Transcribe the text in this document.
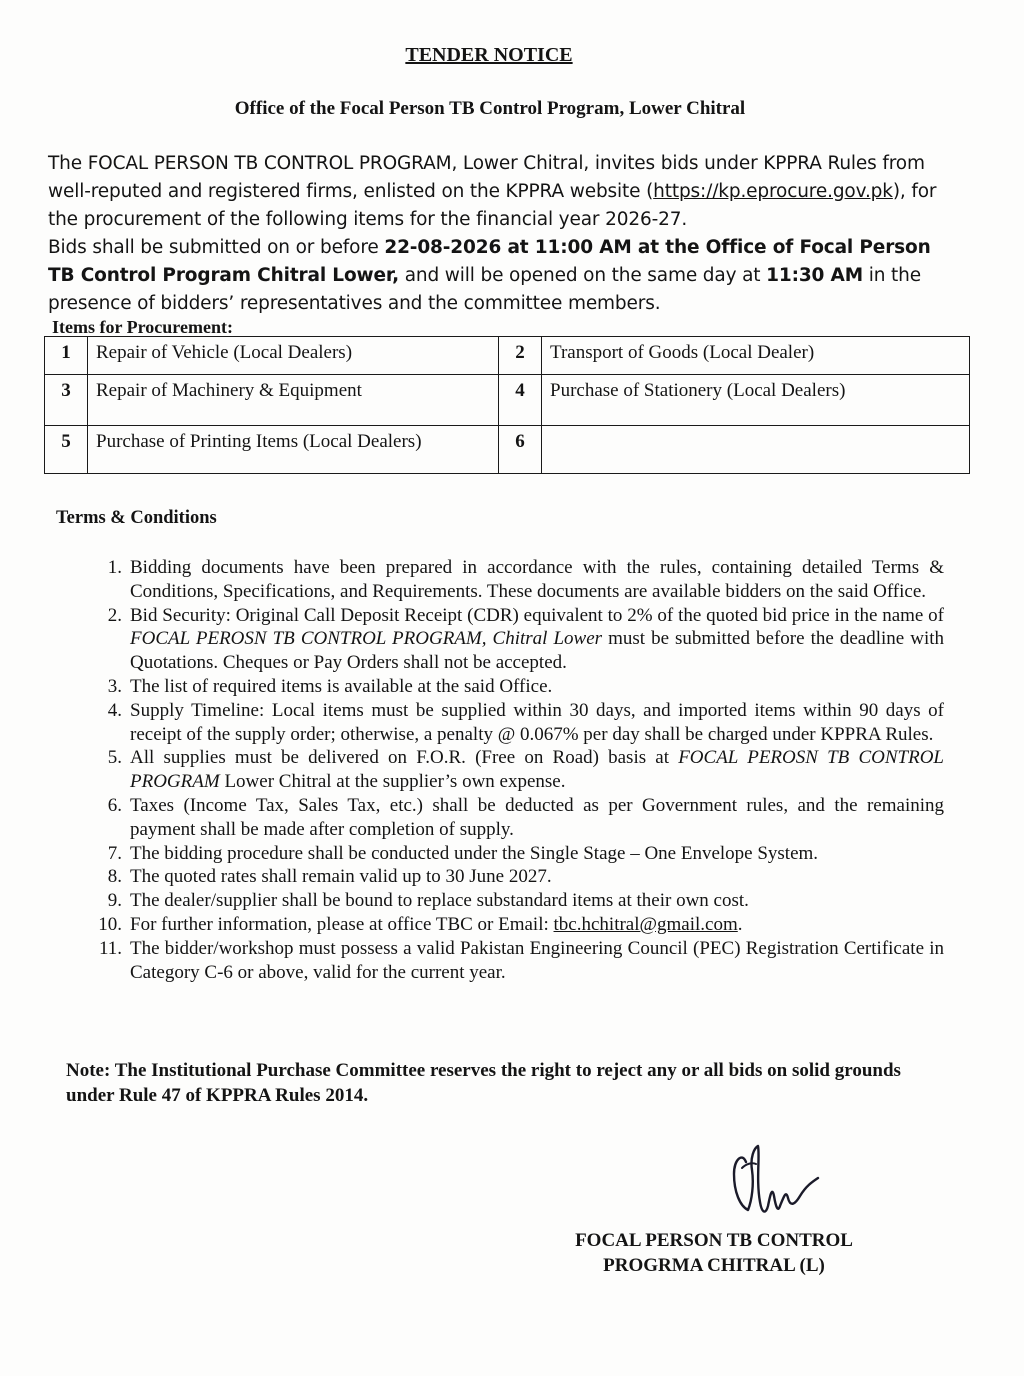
TENDER NOTICE
Office of the Focal Person TB Control Program, Lower Chitral

The FOCAL PERSON TB CONTROL PROGRAM, Lower Chitral, invites bids under KPPRA Rules from well-reputed and registered firms, enlisted on the KPPRA website (https://kp.eprocure.gov.pk), for the procurement of the following items for the financial year 2026-27.

Bids shall be submitted on or before 22-08-2026 at 11:00 AM at the Office of Focal Person TB Control Program Chitral Lower, and will be opened on the same day at 11:30 AM in the presence of bidders’ representatives and the committee members.

Items for Procurement:
1	Repair of Vehicle (Local Dealers)	2	Transport of Goods (Local Dealer)
3	Repair of Machinery & Equipment	4	Purchase of Stationery (Local Dealers)
5	Purchase of Printing Items (Local Dealers)	6	
Terms & Conditions
1. Bidding documents have been prepared in accordance with the rules, containing detailed Terms & Conditions, Specifications, and Requirements. These documents are available bidders on the said Office.
2. Bid Security: Original Call Deposit Receipt (CDR) equivalent to 2% of the quoted bid price in the name of FOCAL PEROSN TB CONTROL PROGRAM, Chitral Lower must be submitted before the deadline with Quotations. Cheques or Pay Orders shall not be accepted.
3. The list of required items is available at the said Office.
4. Supply Timeline: Local items must be supplied within 30 days, and imported items within 90 days of receipt of the supply order; otherwise, a penalty @ 0.067% per day shall be charged under KPPRA Rules.
5. All supplies must be delivered on F.O.R. (Free on Road) basis at FOCAL PEROSN TB CONTROL PROGRAM Lower Chitral at the supplier’s own expense.
6. Taxes (Income Tax, Sales Tax, etc.) shall be deducted as per Government rules, and the remaining payment shall be made after completion of supply.
7. The bidding procedure shall be conducted under the Single Stage – One Envelope System.
8. The quoted rates shall remain valid up to 30 June 2027.
9. The dealer/supplier shall be bound to replace substandard items at their own cost.
10. For further information, please at office TBC or Email: tbc.hchitral@gmail.com.
11. The bidder/workshop must possess a valid Pakistan Engineering Council (PEC) Registration Certificate in Category C-6 or above, valid for the current year.
Note: The Institutional Purchase Committee reserves the right to reject any or all bids on solid grounds under Rule 47 of KPPRA Rules 2014.
FOCAL PERSON TB CONTROL
PROGRMA CHITRAL (L)
